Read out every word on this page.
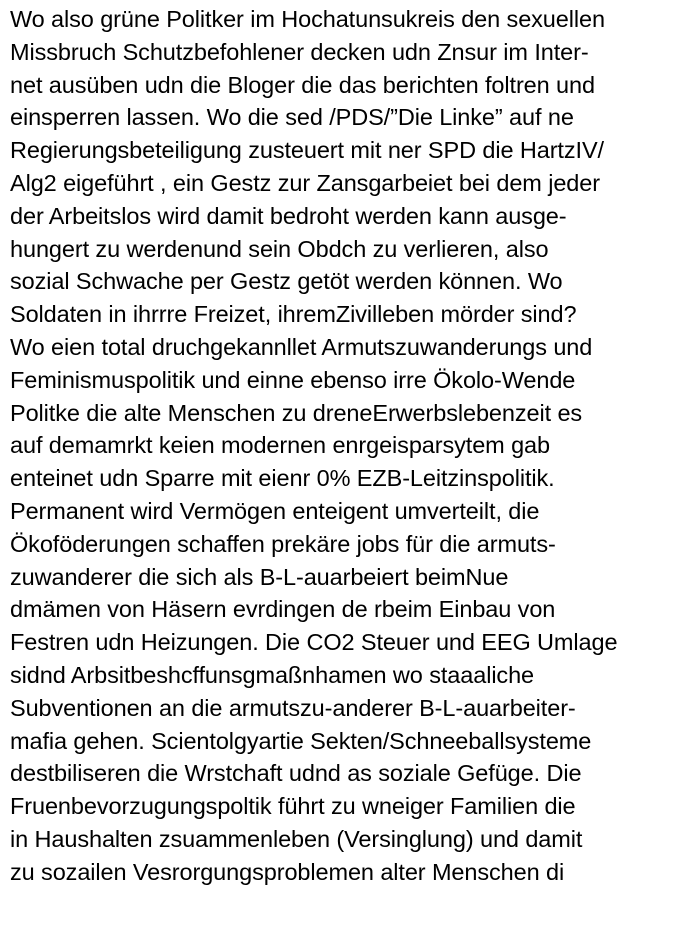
Wo also grüne Politker im Hochatunsukreis den sexuellen
Missbruch Schutzbefohlener decken udn Znsur im Inter-
net ausüben udn die Bloger die das berichten foltren und
einsperren lassen. Wo die sed /PDS/”Die Linke” auf ne
Regierungsbeteiligung zusteuert mit ner SPD die HartzIV/
Alg2 eigeführt , ein Gestz zur Zansgarbeiet bei dem jeder
der Arbeitslos wird damit bedroht werden kann ausge-
hungert zu werdenund sein Obdch zu verlieren, also
sozial Schwache per Gestz getöt werden können. Wo
Soldaten in ihrrre Freizet, ihremZivilleben mörder sind?
Wo eien total druchgekannllet Armutszuwanderungs und
Feminismuspolitik und einne ebenso irre Ökolo-Wende
Politke die alte Menschen zu dreneErwerbslebenzeit es
auf demamrkt keien modernen enrgeisparsytem gab
enteinet udn Sparre mit eienr 0% EZB-Leitzinspolitik.
Permanent wird Vermögen enteigent umverteilt, die
Ökoföderungen schaffen prekäre jobs für die armuts-
zuwanderer die sich als B-L-auarbeiert beimNue
dmämen von Häsern evrdingen de rbeim Einbau von
Festren udn Heizungen. Die CO2 Steuer und EEG Umlage
sidnd Arbsitbeshcffunsgmaßnhamen wo staaaliche
Subventionen an die armutszu-anderer B-L-auarbeiter-
mafia gehen. Scientolgyartie Sekten/Schneeballsysteme
destbiliseren die Wrstchaft udnd as soziale Gefüge. Die
Fruenbevorzugungspoltik führt zu wneiger Familien die
in Haushalten zsuammenleben (Versinglung) und damit
zu sozailen Vesrorgungsproblemen alter Menschen di
